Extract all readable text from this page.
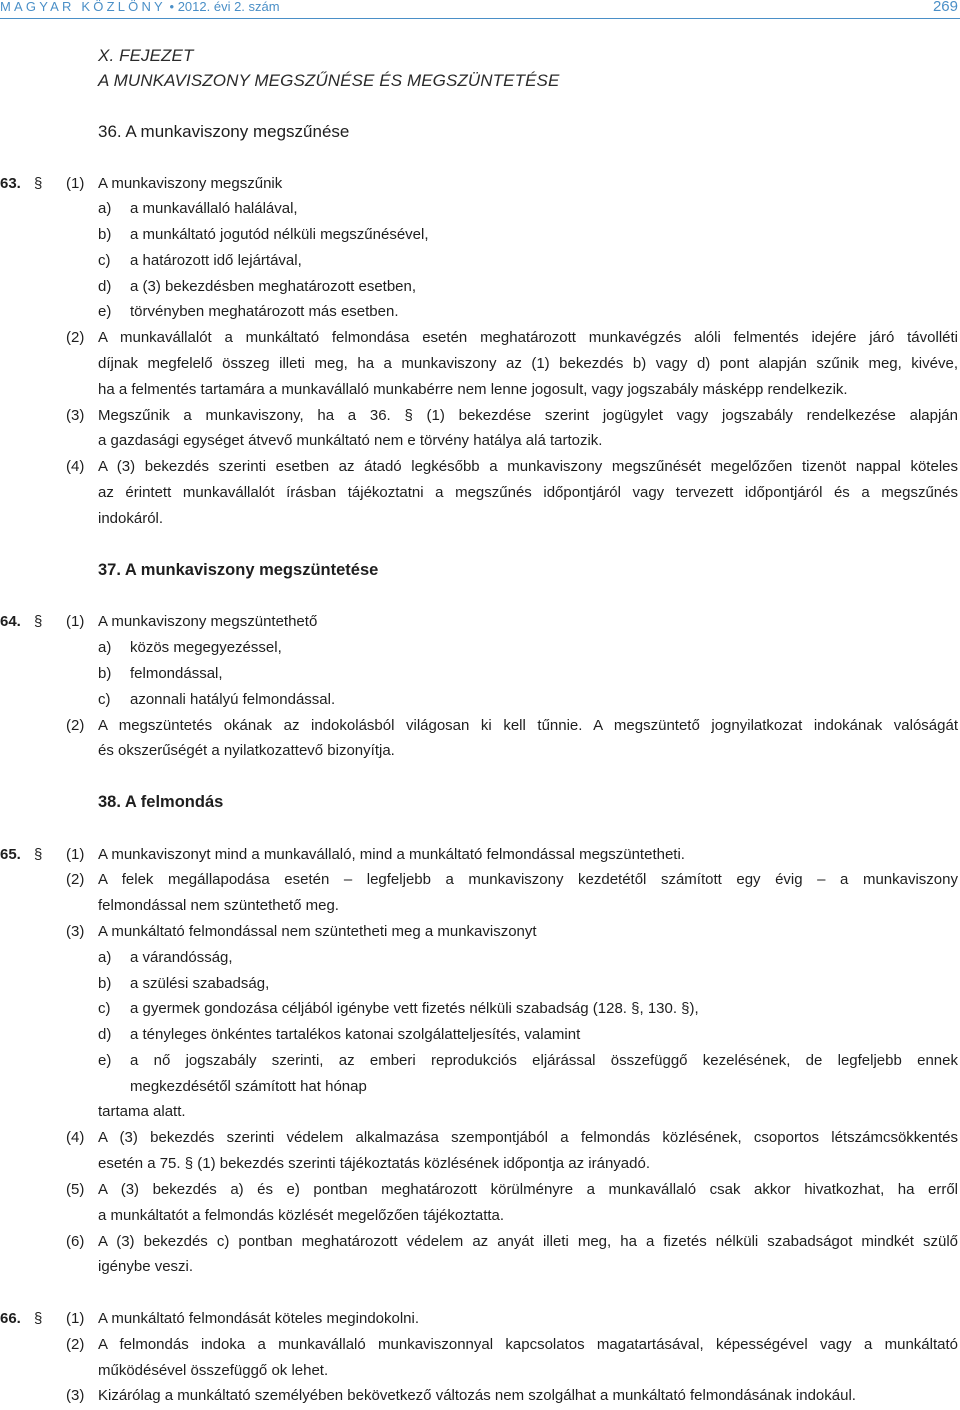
MAGYAR KÖZLÖNY • 2012. évi 2. szám	269
X. FEJEZET
A MUNKAVISZONY MEGSZŰNÉSE ÉS MEGSZÜNTETÉSE
36. A munkaviszony megszűnése
63. § (1) A munkaviszony megszűnik
a) a munkavállaló halálával,
b) a munkáltató jogutód nélküli megszűnésével,
c) a határozott idő lejártával,
d) a (3) bekezdésben meghatározott esetben,
e) törvényben meghatározott más esetben.
(2) A munkavállalót a munkáltató felmondása esetén meghatározott munkavégzés alóli felmentés idejére járó távolléti
díjnak megfelelő összeg illeti meg, ha a munkaviszony az (1) bekezdés b) vagy d) pont alapján szűnik meg, kivéve,
ha a felmentés tartamára a munkavállaló munkabérre nem lenne jogosult, vagy jogszabály másképp rendelkezik.
(3) Megszűnik a munkaviszony, ha a 36. § (1) bekezdése szerint jogügylet vagy jogszabály rendelkezése alapján
a gazdasági egységet átvevő munkáltató nem e törvény hatálya alá tartozik.
(4) A (3) bekezdés szerinti esetben az átadó legkésőbb a munkaviszony megszűnését megelőzően tizenöt nappal köteles
az érintett munkavállalót írásban tájékoztatni a megszűnés időpontjáról vagy tervezett időpontjáról és a megszűnés
indokáról.
37. A munkaviszony megszüntetése
64. § (1) A munkaviszony megszüntethető
a) közös megegyezéssel,
b) felmondással,
c) azonnali hatályú felmondással.
(2) A megszüntetés okának az indokolásból világosan ki kell tűnnie. A megszüntető jognyilatkozat indokának valóságát
és okszerűségét a nyilatkozattevő bizonyítja.
38. A felmondás
65. § (1) A munkaviszonyt mind a munkavállaló, mind a munkáltató felmondással megszüntetheti.
(2) A felek megállapodása esetén – legfeljebb a munkaviszony kezdetétől számított egy évig – a munkaviszony
felmondással nem szüntethető meg.
(3) A munkáltató felmondással nem szüntetheti meg a munkaviszonyt
a) a várandósság,
b) a szülési szabadság,
c) a gyermek gondozása céljából igénybe vett fizetés nélküli szabadság (128. §, 130. §),
d) a tényleges önkéntes tartalékos katonai szolgálatteljesítés, valamint
e) a nő jogszabály szerinti, az emberi reprodukciós eljárással összefüggő kezelésének, de legfeljebb ennek
megkezdésétől számított hat hónap
tartama alatt.
(4) A (3) bekezdés szerinti védelem alkalmazása szempontjából a felmondás közlésének, csoportos létszámcsökkentés
esetén a 75. § (1) bekezdés szerinti tájékoztatás közlésének időpontja az irányadó.
(5) A (3) bekezdés a) és e) pontban meghatározott körülményre a munkavállaló csak akkor hivatkozhat, ha erről
a munkáltatót a felmondás közlését megelőzően tájékoztatta.
(6) A (3) bekezdés c) pontban meghatározott védelem az anyát illeti meg, ha a fizetés nélküli szabadságot mindkét szülő
igénybe veszi.
66. § (1) A munkáltató felmondását köteles megindokolni.
(2) A felmondás indoka a munkavállaló munkaviszonnyal kapcsolatos magatartásával, képességével vagy a munkáltató
működésével összefüggő ok lehet.
(3) Kizárólag a munkáltató személyében bekövetkező változás nem szolgálhat a munkáltató felmondásának indokául.
